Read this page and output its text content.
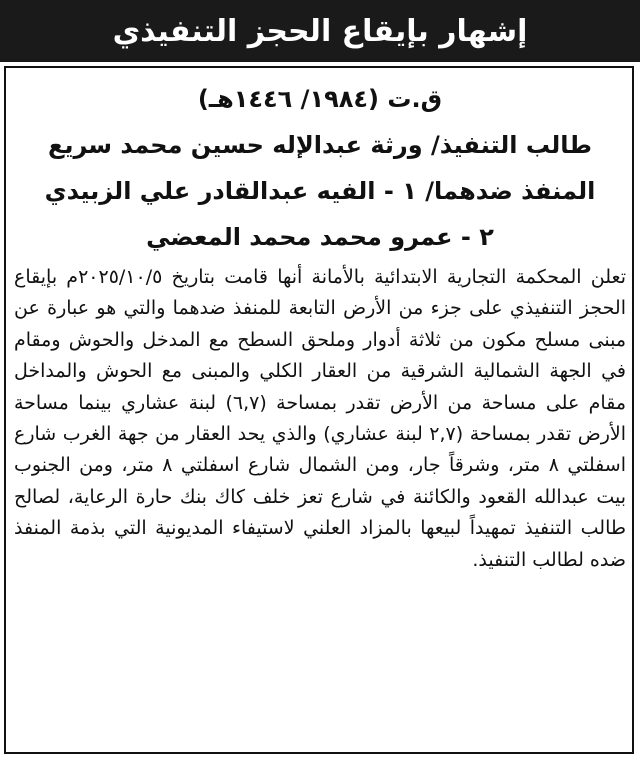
إشهار بإيقاع الحجز التنفيذي
ق.ت (١٩٨٤/ ١٤٤٦هـ)
طالب التنفيذ/ ورثة عبدالإله حسين محمد سريع
المنفذ ضدهما/ ١ - الفيه عبدالقادر علي الزبيدي
٢ - عمرو محمد محمد المعضي
تعلن المحكمة التجارية الابتدائية بالأمانة أنها قامت بتاريخ ٢٠٢٥/١٠/٥م بإيقاع الحجز التنفيذي على جزء من الأرض التابعة للمنفذ ضدهما والتي هو عبارة عن مبنى مسلح مكون من ثلاثة أدوار وملحق السطح مع المدخل والحوش ومقام في الجهة الشمالية الشرقية من العقار الكلي والمبنى مع الحوش والمداخل مقام على مساحة من الأرض تقدر بمساحة (٦,٧) لبنة عشاري بينما مساحة الأرض تقدر بمساحة (٢,٧ لبنة عشاري) والذي يحد العقار من جهة الغرب شارع اسفلتي ٨ متر، وشرقاً جار، ومن الشمال شارع اسفلتي ٨ متر، ومن الجنوب بيت عبدالله القعود والكائنة في شارع تعز خلف كاك بنك حارة الرعاية، لصالح طالب التنفيذ تمهيداً لبيعها بالمزاد العلني لاستيفاء المديونية التي بذمة المنفذ ضده لطالب التنفيذ.
